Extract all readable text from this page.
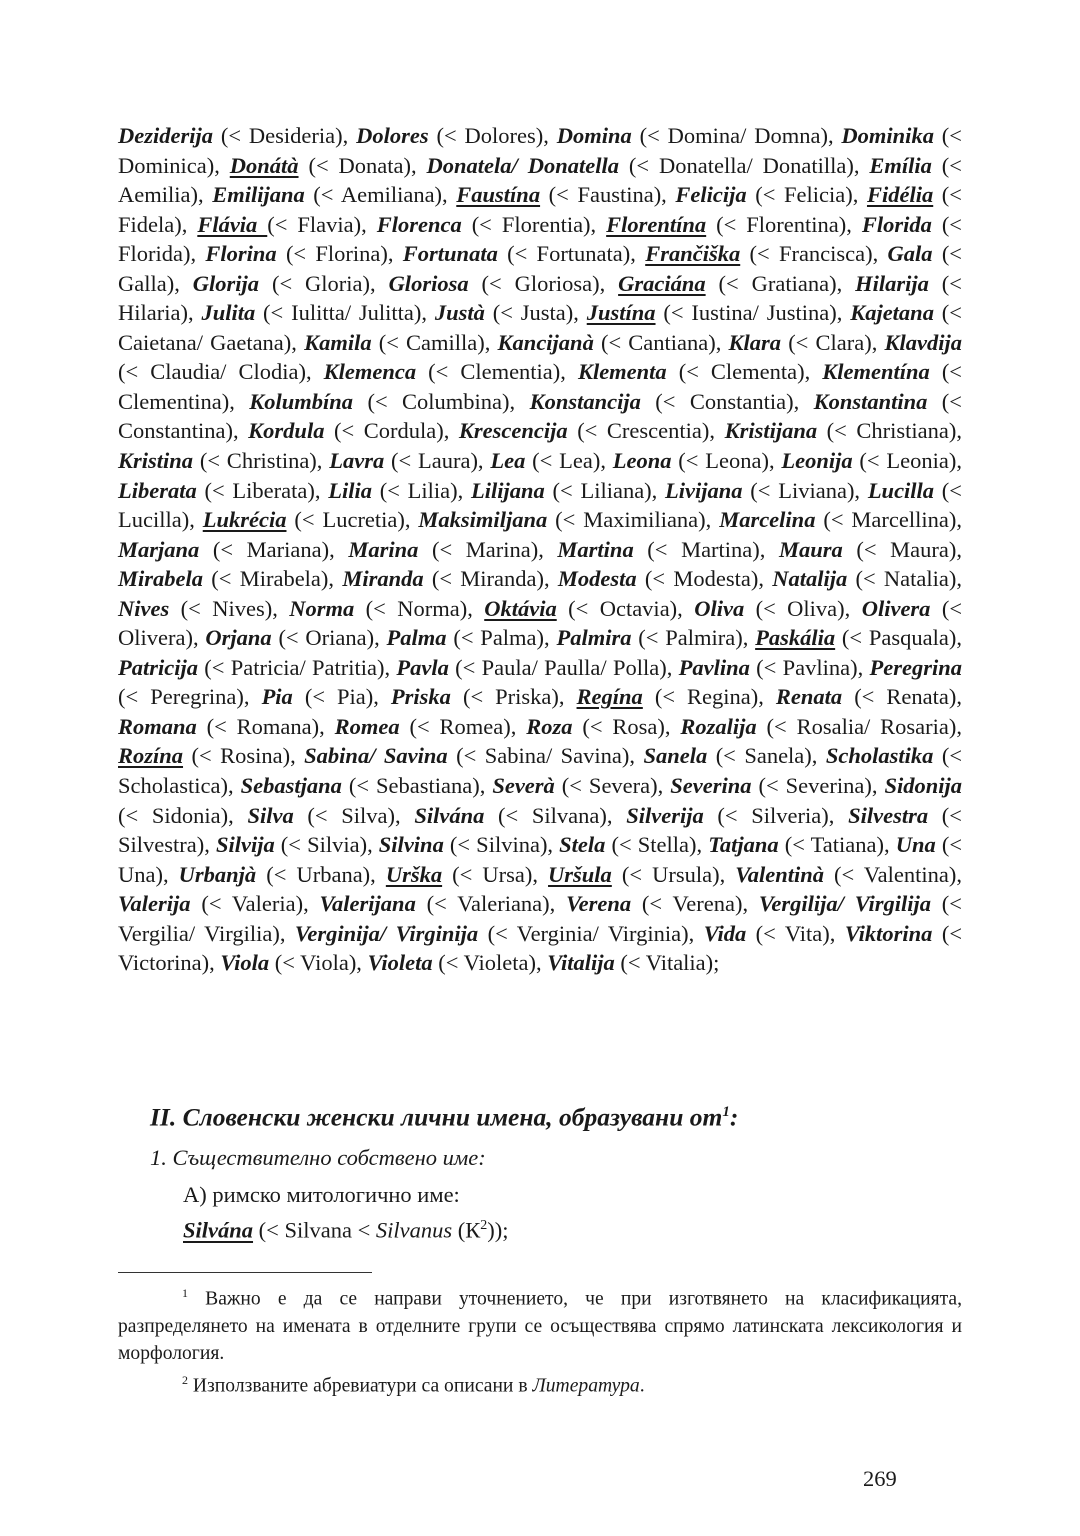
Deziderija (< Desideria), Dolores (< Dolores), Domina (< Domina/ Domna), Dominika (< Dominica), Donátà (< Donata), Donatela/ Donatella (< Donatella/ Donatilla), Emília (< Aemilia), Emilijana (< Aemiliana), Faustína (< Faustina), Felicija (< Felicia), Fidélia (< Fidela), Flávia (< Flavia), Florenca (< Florentia), Florentína (< Florentina), Florida (< Florida), Florina (< Florina), Fortunata (< Fortunata), Frančiška (< Francisca), Gala (< Galla), Glorija (< Gloria), Gloriosa (< Gloriosa), Graciána (< Gratiana), Hilarija (< Hilaria), Julita (< Iulitta/ Julitta), Justà (< Justa), Justína (< Iustina/ Justina), Kajetana (< Caietana/ Gaetana), Kamila (< Camilla), Kancijanà (< Cantiana), Klara (< Clara), Klavdija (< Claudia/ Clodia), Klemenca (< Clementia), Klementa (< Clementa), Klementína (< Clementina), Kolumbína (< Columbina), Konstancija (< Constantia), Konstantina (< Constantina), Kordula (< Cordula), Krescencija (< Crescentia), Kristijana (< Christiana), Kristina (< Christina), Lavra (< Laura), Lea (< Lea), Leona (< Leona), Leonija (< Leonia), Liberata (< Liberata), Lilia (< Lilia), Lilijana (< Liliana), Livijana (< Liviana), Lucilla (< Lucilla), Lukrécia (< Lucretia), Maksimiljana (< Maximiliana), Marcelina (< Marcellina), Marjana (< Mariana), Marina (< Marina), Martina (< Martina), Maura (< Maura), Mirabela (< Mirabela), Miranda (< Miranda), Modesta (< Modesta), Natalija (< Natalia), Nives (< Nives), Norma (< Norma), Oktávia (< Octavia), Oliva (< Oliva), Olivera (< Olivera), Orjana (< Oriana), Palma (< Palma), Palmira (< Palmira), Paskália (< Pasquala), Patricija (< Patricia/ Patritia), Pavla (< Paula/ Paulla/ Polla), Pavlina (< Pavlina), Peregrina (< Peregrina), Pia (< Pia), Priska (< Priska), Regína (< Regina), Renata (< Renata), Romana (< Romana), Romea (< Romea), Roza (< Rosa), Rozalija (< Rosalia/ Rosaria), Rozína (< Rosina), Sabina/ Savina (< Sabina/ Savina), Sanela (< Sanela), Scholastika (< Scholastica), Sebastjana (< Sebastiana), Severà (< Severa), Severina (< Severina), Sidonija (< Sidonia), Silva (< Silva), Silvána (< Silvana), Silverija (< Silveria), Silvestra (< Silvestra), Silvija (< Silvia), Silvina (< Silvina), Stela (< Stella), Tatjana (< Tatiana), Una (< Una), Urbanjà (< Urbana), Urška (< Ursa), Uršula (< Ursula), Valentinà (< Valentina), Valerija (< Valeria), Valerijana (< Valeriana), Verena (< Verena), Vergilija/ Virgilija (< Vergilia/ Virgilia), Verginija/ Virginija (< Verginia/ Virginia), Vida (< Vita), Viktorina (< Victorina), Viola (< Viola), Violeta (< Violeta), Vitalija (< Vitalia);
II. Словенски женски лични имена, образувани $от^1$:
1. Съществително собствено име:
А) римско митологично име:
Silvána (< Silvana < Silvanus $(К^2)$);

$^1$ Важно е да се направи уточнението, че при изготвянето на класификацията, разпределянето на имената в отделните групи се осъществява спрямо латинската лексикология и морфология.

$^2$ Използваните абревиатури са описани в Литература.

269
